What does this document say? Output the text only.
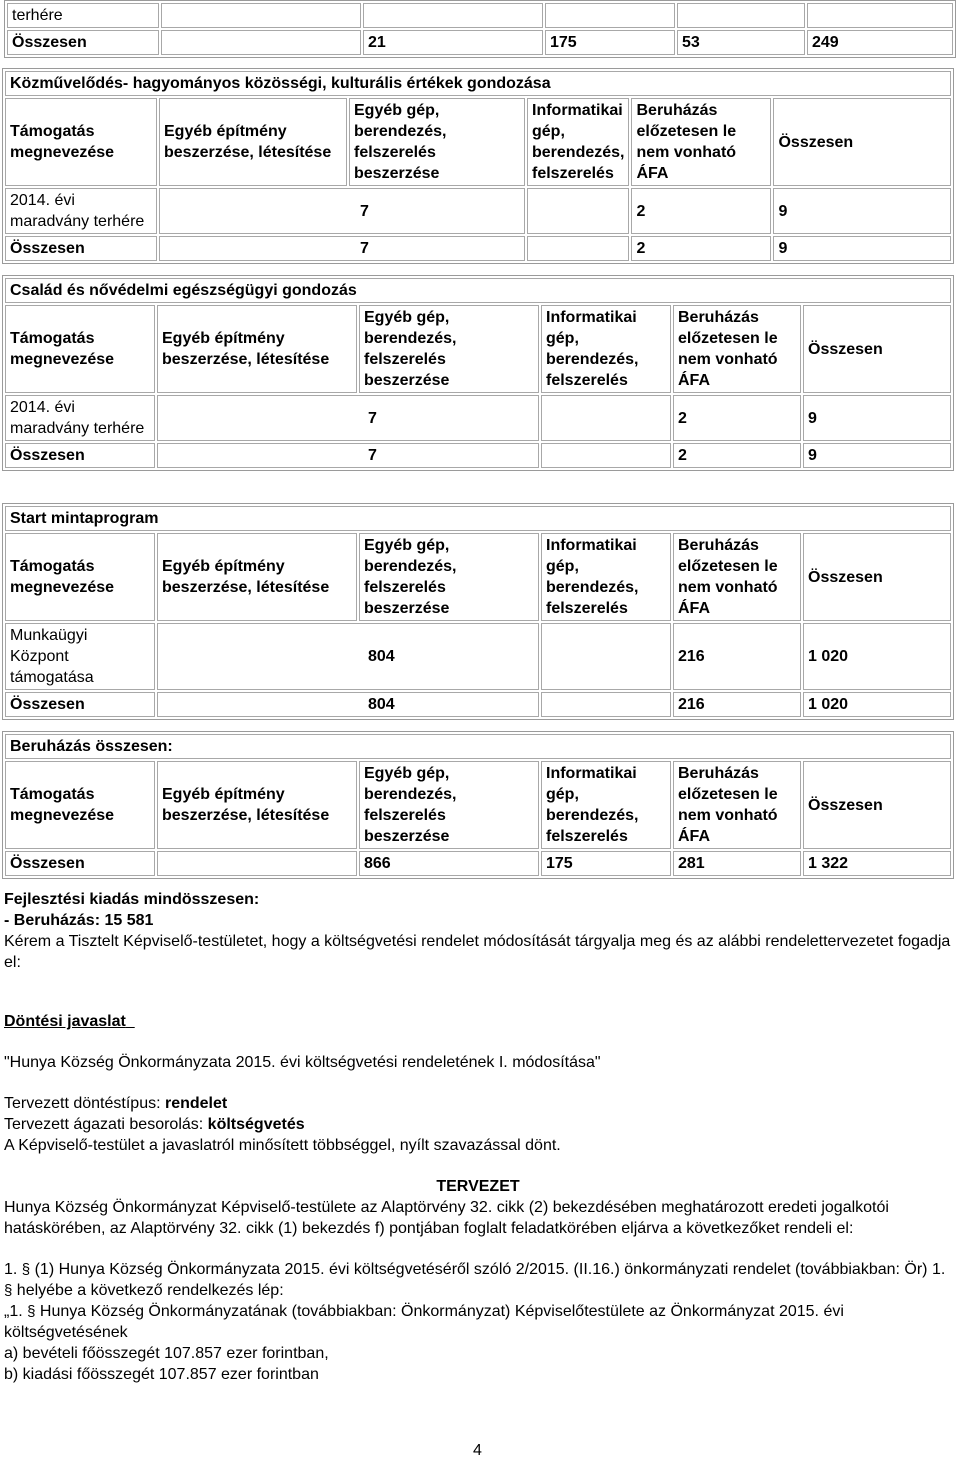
terhére					
Összesen		21	175	53	249
Közművelődés- hagyományos közösségi, kulturális értékek gondozása					
Támogatás megnevezése	Egyéb építmény beszerzése, létesítése	Egyéb gép, berendezés, felszerelés beszerzése	Informatikai gép, berendezés, felszerelés	Beruházás előzetesen le nem vonható ÁFA	Összesen
2014. évi maradvány terhére	7			2	9
Összesen	7			2	9
Család és nővédelmi egészségügyi gondozás					
Támogatás megnevezése	Egyéb építmény beszerzése, létesítése	Egyéb gép, berendezés, felszerelés beszerzése	Informatikai gép, berendezés, felszerelés	Beruházás előzetesen le nem vonható ÁFA	Összesen
2014. évi maradvány terhére	7			2	9
Összesen	7			2	9
Start mintaprogram					
Támogatás megnevezése	Egyéb építmény beszerzése, létesítése	Egyéb gép, berendezés, felszerelés beszerzése	Informatikai gép, berendezés, felszerelés	Beruházás előzetesen le nem vonható ÁFA	Összesen
Munkaügyi Központ támogatása	804			216	1 020
Összesen	804			216	1 020
Beruházás összesen:					
Támogatás megnevezése	Egyéb építmény beszerzése, létesítése	Egyéb gép, berendezés, felszerelés beszerzése	Informatikai gép, berendezés, felszerelés	Beruházás előzetesen le nem vonható ÁFA	Összesen
Összesen		866	175	281	1 322
Fejlesztési kiadás mindösszesen:
- Beruházás: 15 581
Kérem a Tisztelt Képviselő-testületet, hogy a költségvetési rendelet módosítását tárgyalja meg és az alábbi rendelettervezetet fogadja el:
Döntési javaslat
"Hunya Község Önkormányzata 2015. évi költségvetési rendeletének I. módosítása"
Tervezett döntéstípus: rendelet
Tervezett ágazati besorolás: költségvetés
A Képviselő-testület a javaslatról minősített többséggel, nyílt szavazással dönt.
TERVEZET
Hunya Község Önkormányzat Képviselő-testülete az Alaptörvény 32. cikk (2) bekezdésében meghatározott eredeti jogalkotói hatáskörében, az Alaptörvény 32. cikk (1) bekezdés f) pontjában foglalt feladatkörében eljárva a következőket rendeli el:
1. § (1) Hunya Község Önkormányzata 2015. évi költségvetéséről szóló 2/2015. (II.16.) önkormányzati rendelet (továbbiakban: Ör) 1. § helyébe a következő rendelkezés lép:
„1. § Hunya Község Önkormányzatának (továbbiakban: Önkormányzat) Képviselőtestülete az Önkormányzat 2015. évi költségvetésének
a) bevételi főösszegét 107.857 ezer forintban,
b) kiadási főösszegét 107.857 ezer forintban
4
